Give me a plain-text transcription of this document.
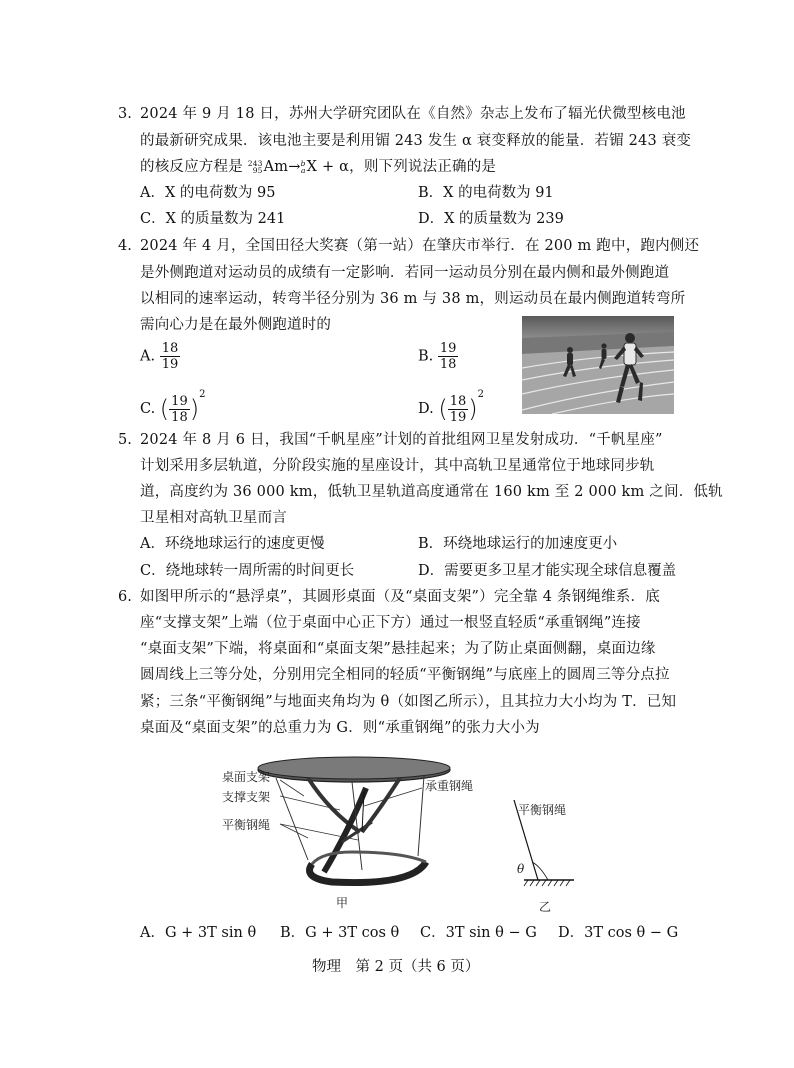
3. 2024 年 9 月 18 日，苏州大学研究团队在《自然》杂志上发布了辐光伏微型核电池
的最新研究成果．该电池主要是利用镅 243 发生 α 衰变释放的能量．若镅 243 衰变
的核反应方程是 243
95Am→b
aX + α，则下列说法正确的是
A．X 的电荷数为 95	B．X 的电荷数为 91
C．X 的质量数为 241	D．X 的质量数为 239
4. 2024 年 4 月，全国田径大奖赛（第一站）在肇庆市举行．在 200 m 跑中，跑内侧还
是外侧跑道对运动员的成绩有一定影响．若同一运动员分别在最内侧和最外侧跑道
以相同的速率运动，转弯半径分别为 36 m 与 38 m，则运动员在最内侧跑道转弯所
需向心力是在最外侧跑道时的
A. $\frac{18}{19}$	B. $\frac{19}{18}$
C. ( $\frac{19}{18} )^2$
D. ( $\frac{18}{19} )^2$
5. 2024 年 8 月 6 日，我国“千帆星座”计划的首批组网卫星发射成功．“千帆星座”
计划采用多层轨道，分阶段实施的星座设计，其中高轨卫星通常位于地球同步轨
道，高度约为 36 000 km，低轨卫星轨道高度通常在 160 km 至 2 000 km 之间．低轨
卫星相对高轨卫星而言
A．环绕地球运行的速度更慢	B．环绕地球运行的加速度更小
C．绕地球转一周所需的时间更长	D．需要更多卫星才能实现全球信息覆盖
6. 如图甲所示的“悬浮桌”，其圆形桌面（及“桌面支架”）完全靠 4 条钢绳维系．底
座“支撑支架”上端（位于桌面中心正下方）通过一根竖直轻质“承重钢绳”连接
“桌面支架”下端，将桌面和“桌面支架”悬挂起来；为了防止桌面侧翻，桌面边缘
圆周线上三等分处，分别用完全相同的轻质“平衡钢绳”与底座上的圆周三等分点拉
紧；三条“平衡钢绳”与地面夹角均为 θ（如图乙所示），且其拉力大小均为 T．已知
桌面及“桌面支架”的总重力为 G．则“承重钢绳”的张力大小为
桌面支架
支撑支架
平衡钢绳
承重钢绳
甲
平衡钢绳
θ
乙
A．G + 3T sin θ B．G + 3T cos θ C．3T sin θ − G D．3T cos θ − G
物理　第 2 页（共 6 页）
